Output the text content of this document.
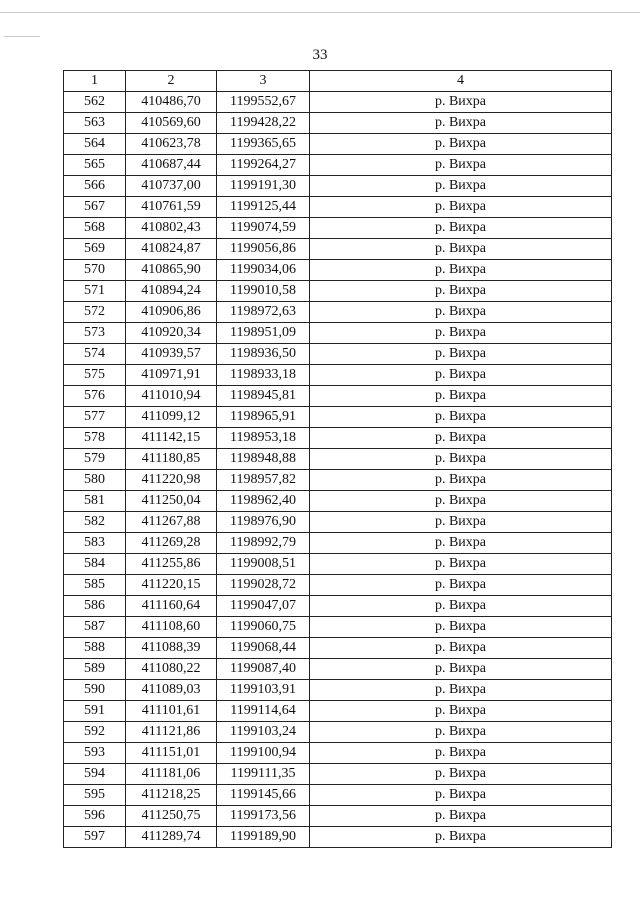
33
1	2	3	4
562	410486,70	1199552,67	р. Вихра
563	410569,60	1199428,22	р. Вихра
564	410623,78	1199365,65	р. Вихра
565	410687,44	1199264,27	р. Вихра
566	410737,00	1199191,30	р. Вихра
567	410761,59	1199125,44	р. Вихра
568	410802,43	1199074,59	р. Вихра
569	410824,87	1199056,86	р. Вихра
570	410865,90	1199034,06	р. Вихра
571	410894,24	1199010,58	р. Вихра
572	410906,86	1198972,63	р. Вихра
573	410920,34	1198951,09	р. Вихра
574	410939,57	1198936,50	р. Вихра
575	410971,91	1198933,18	р. Вихра
576	411010,94	1198945,81	р. Вихра
577	411099,12	1198965,91	р. Вихра
578	411142,15	1198953,18	р. Вихра
579	411180,85	1198948,88	р. Вихра
580	411220,98	1198957,82	р. Вихра
581	411250,04	1198962,40	р. Вихра
582	411267,88	1198976,90	р. Вихра
583	411269,28	1198992,79	р. Вихра
584	411255,86	1199008,51	р. Вихра
585	411220,15	1199028,72	р. Вихра
586	411160,64	1199047,07	р. Вихра
587	411108,60	1199060,75	р. Вихра
588	411088,39	1199068,44	р. Вихра
589	411080,22	1199087,40	р. Вихра
590	411089,03	1199103,91	р. Вихра
591	411101,61	1199114,64	р. Вихра
592	411121,86	1199103,24	р. Вихра
593	411151,01	1199100,94	р. Вихра
594	411181,06	1199111,35	р. Вихра
595	411218,25	1199145,66	р. Вихра
596	411250,75	1199173,56	р. Вихра
597	411289,74	1199189,90	р. Вихра
